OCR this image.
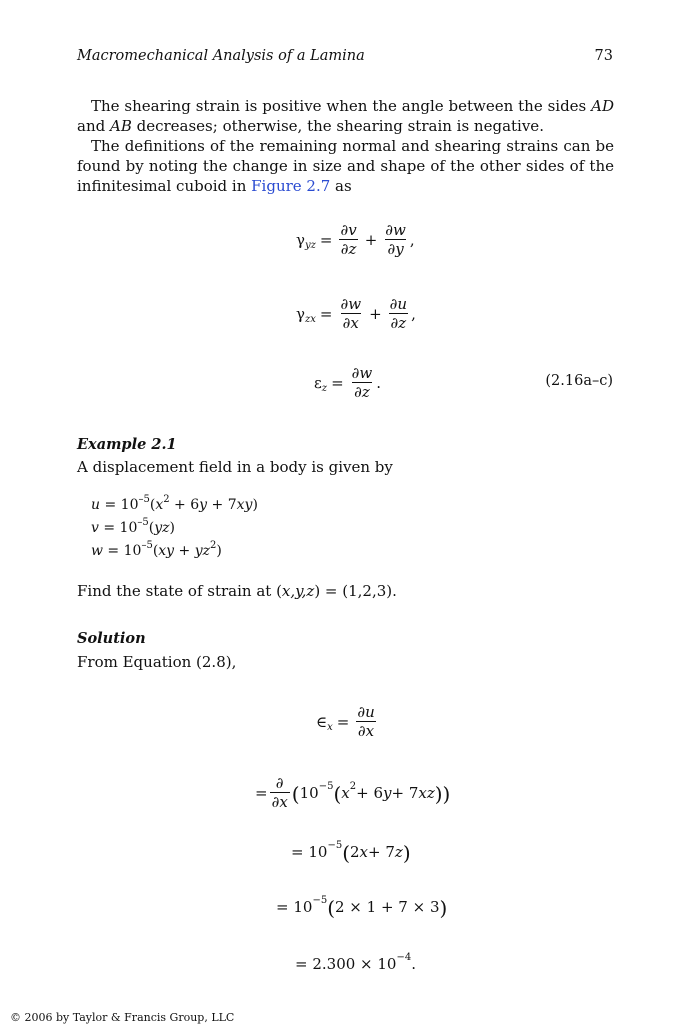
Macromechanical Analysis of a Lamina	73

The shearing strain is positive when the angle between the sides AD and AB decreases; otherwise, the shearing strain is negative.

The definitions of the remaining normal and shearing strains can be found by noting the change in size and shape of the other sides of the infinitesimal cuboid in Figure 2.7 as

γ yz = $\frac{\partial v}{\partial z} + \frac{\partial w}{\partial y}$ ,
γ zx = $\frac{\partial w}{\partial x} + \frac{\partial u}{\partial z}$ ,
ε $z = \frac{\partial w}{\partial z}$ .	(2.16a–c)
Example 2.1
A displacement field in a body is given by
$u = 10^{-5}(x^2 + 6y + 7xy)$
$v = 10^{-5}(yz)$
$w = 10^{-5}(xy + yz^2)$
Find the state of strain at (x,y,z) = (1,2,3).
Solution
From Equation (2.8),
∈ $x = \frac{\partial u}{\partial x}$
= $\frac{\partial}{\partial x}$ ( 10 −5 ( x 2 + 6 y + 7 xz ))
= 10 −5 ( 2 x + 7 z )
= 10 −5 ( 2 × 1 + 7 × 3 )
= 2.300 × 10 −4 .
© 2006 by Taylor & Francis Group, LLC
